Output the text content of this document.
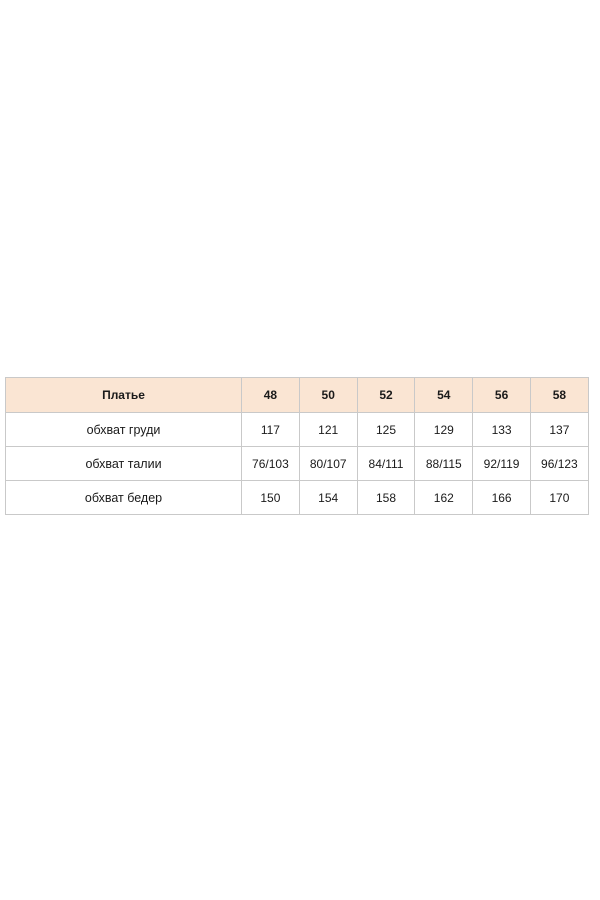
Платье	48	50	52	54	56	58
обхват груди	117	121	125	129	133	137
обхват талии	76/103	80/107	84/111	88/115	92/119	96/123
обхват бедер	150	154	158	162	166	170
